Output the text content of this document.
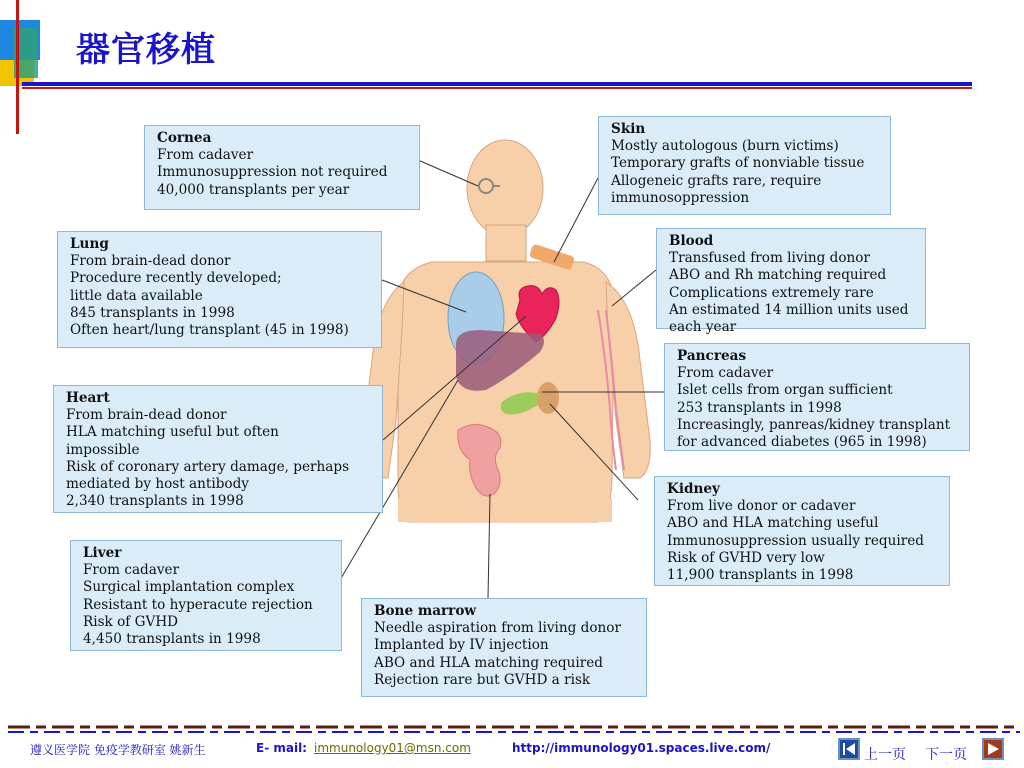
器官移植
Cornea
From cadaver
Immunosuppression not required
40,000 transplants per year
Skin
Mostly autologous (burn victims)
Temporary grafts of nonviable tissue
Allogeneic grafts rare, require
immunosoppression
Lung
From brain-dead donor
Procedure recently developed;
little data available
845 transplants in 1998
Often heart/lung transplant (45 in 1998)
Blood
Transfused from living donor
ABO and Rh matching required
Complications extremely rare
An estimated 14 million units used
each year
Pancreas
From cadaver
Islet cells from organ sufficient
253 transplants in 1998
Increasingly, panreas/kidney transplant
for advanced diabetes (965 in 1998)
Heart
From brain-dead donor
HLA matching useful but often
impossible
Risk of coronary artery damage, perhaps
mediated by host antibody
2,340 transplants in 1998
Kidney
From live donor or cadaver
ABO and HLA matching useful
Immunosuppression usually required
Risk of GVHD very low
11,900 transplants in 1998
Liver
From cadaver
Surgical implantation complex
Resistant to hyperacute rejection
Risk of GVHD
4,450 transplants in 1998
Bone marrow
Needle aspiration from living donor
Implanted by IV injection
ABO and HLA matching required
Rejection rare but GVHD a risk
遵义医学院 免疫学教研室 姚新生	E- mail: immunology01@msn.com	http://immunology01.spaces.live.com/	上一页 下一页
